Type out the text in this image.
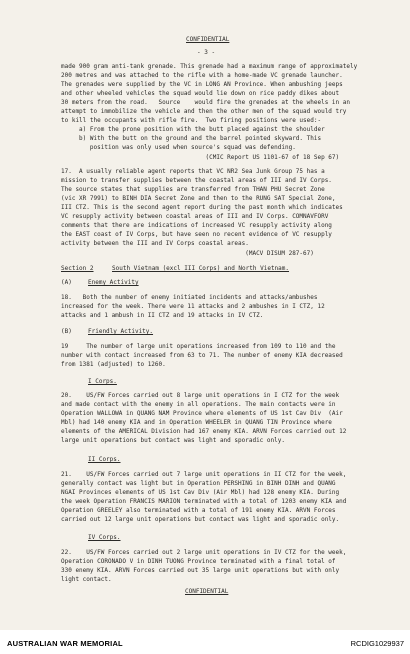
CONFIDENTIAL
- 3 -
made 900 gram anti-tank grenade. This grenade had a maximum range of approximately
200 metres and was attached to the rifle with a home-made VC grenade launcher.
The grenades were supplied by the VC in LONG AN Province. When ambushing jeeps
and other wheeled vehicles the squad would lie down on rice paddy dikes about
30 meters from the road.   Source    would fire the grenades at the wheels in an
attempt to immobilize the vehicle and then the other men of the squad would try
to kill the occupants with rifle fire.  Two firing positions were used:-
a) From the prone position with the butt placed against the shoulder
b) With the butt on the ground and the barrel pointed skyward. This
position was only used when source's squad was defending.
(CMIC Report US 1101-67 of 18 Sep 67)
17.  A usually reliable agent reports that VC NR2 Sea Junk Group 75 has a
mission to transfer supplies between the coastal areas of III and IV Corps.
The source states that supplies are transferred from THAN PHU Secret Zone
(vic XR 7991) to BINH DIA Secret Zone and then to the RUNG SAT Special Zone,
III CTZ. This is the second agent report during the past month which indicates
VC resupply activity between coastal areas of III and IV Corps. COMNAVFORV
comments that there are indications of increased VC resupply activity along
the EAST coast of IV Corps, but have seen no recent evidence of VC resupply
activity between the III and IV Corps coastal areas.
(MACV DISUM 287-67)
Section 2	South Vietnam (excl III Corps) and North Vietnam.
(A)	Enemy Activity
18.   Both the number of enemy initiated incidents and attacks/ambushes
increased for the week. There were 11 attacks and 2 ambushes in I CTZ, 12
attacks and 1 ambush in II CTZ and 19 attacks in IV CTZ.
(B)	Friendly Activity.
19     The number of large unit operations increased from 109 to 110 and the
number with contact increased from 63 to 71. The number of enemy KIA decreased
from 1381 (adjusted) to 1260.
I Corps.
20.    US/FW Forces carried out 8 large unit operations in I CTZ for the week
and made contact with the enemy in all operations. The main contacts were in
Operation WALLOWA in QUANG NAM Province where elements of US 1st Cav Div  (Air
Mbl) had 140 enemy KIA and in Operation WHEELER in QUANG TIN Province where
elements of the AMERICAL Division had 167 enemy KIA. ARVN Forces carried out 12
large unit operations but contact was light and sporadic only.
II Corps.
21.    US/FW Forces carried out 7 large unit operations in II CTZ for the week,
generally contact was light but in Operation PERSHING in BINH DINH and QUANG
NGAI Provinces elements of US 1st Cav Div (Air Mbl) had 128 enemy KIA. During
the week Operation FRANCIS MARION terminated with a total of 1203 enemy KIA and
Operation GREELEY also terminated with a total of 191 enemy KIA. ARVN Forces
carried out 12 large unit operations but contact was light and sporadic only.
IV Corps.
22.    US/FW Forces carried out 2 large unit operations in IV CTZ for the week,
Operation CORONADO V in DINH TUONG Province terminated with a final total of
330 enemy KIA. ARVN Forces carried out 35 large unit operations but with only
light contact.
CONFIDENTIAL
AUSTRALIAN WAR MEMORIAL	RCDIG1029937
